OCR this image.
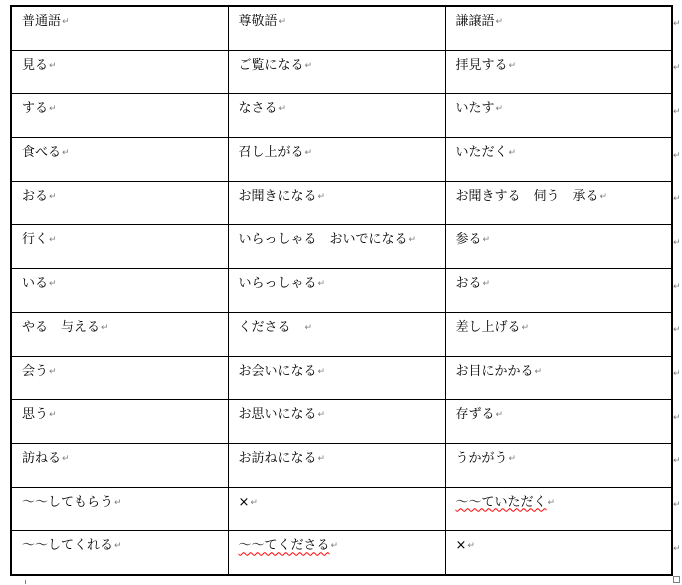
普通語↵	尊敬語↵	謙譲語↵
見る↵	ご覧になる↵	拝見する↵
する↵	なさる↵	いたす↵
食べる↵	召し上がる↵	いただく↵
おる↵	お聞きになる↵	お聞きする　伺う　承る↵
行く↵	いらっしゃる　おいでになる↵	参る↵
いる↵	いらっしゃる↵	おる↵
やる　与える↵	くださる　↵	差し上げる↵
会う↵	お会いになる↵	お目にかかる↵
思う↵	お思いになる↵	存ずる↵
訪ねる↵	お訪ねになる↵	うかがう↵
～～してもらう↵	×↵	～～ていただく↵
～～してくれる↵	～～てくださる↵	×↵
↵
↵
↵
↵
↵
↵
↵
↵
↵
↵
↵
↵
↵
